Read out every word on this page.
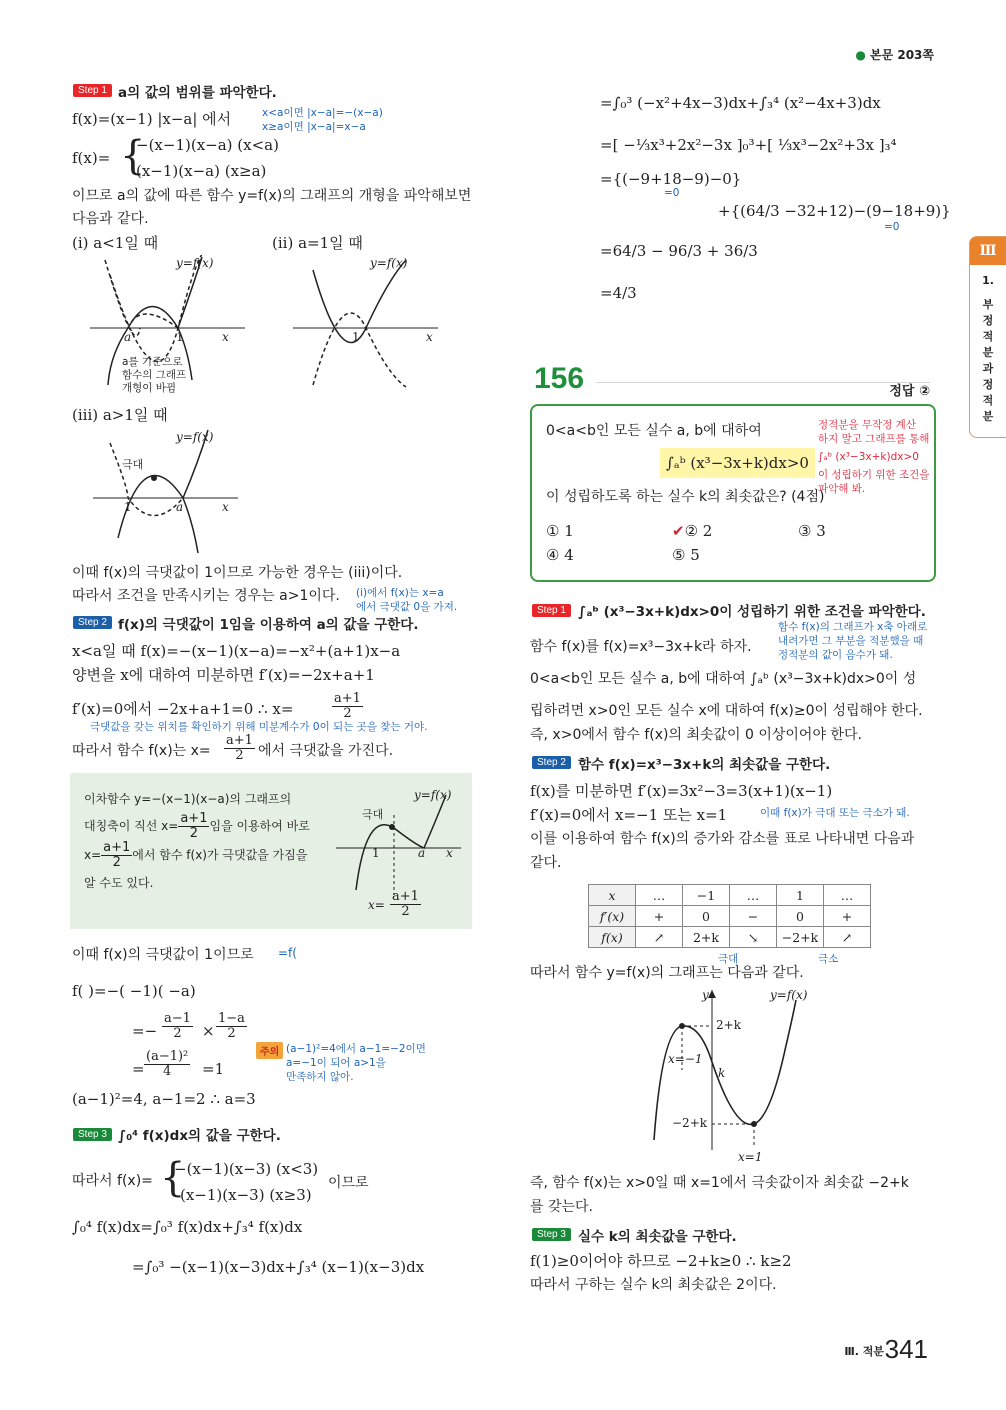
● 본문 203쪽
Ⅲ
1.
부정적분과 정적분
Step 1 a의 값의 범위를 파악한다.
f(x)=(x−1) |x−a| 에서	x<a이면 |x−a|=−(x−a)
x≥a이면 |x−a|=x−a
f(x)= {
−(x−1)(x−a) (x<a)
(x−1)(x−a) (x≥a)
이므로 a의 값에 따른 함수 y=f(x)의 그래프의 개형을 파악해보면
다음과 같다.
(i) a<1일 때	(ii) a=1일 때
y=f(x)
x
a	1
a를 기준으로
함수의 그래프
개형이 바뀜
y=f(x)
x
1
(iii) a>1일 때
y=f(x)
극대
x
1	a
이때 f(x)의 극댓값이 1이므로 가능한 경우는 (iii)이다.
따라서 조건을 만족시키는 경우는 a>1이다. (i)에서 f(x)는 x=a
에서 극댓값 0을 가져.
Step 2 f(x)의 극댓값이 1임을 이용하여 a의 값을 구한다.
x<a일 때 f(x)=−(x−1)(x−a)=−x²+(a+1)x−a
양변을 x에 대하여 미분하면 f′(x)=−2x+a+1
f′(x)=0에서 −2x+a+1=0 ∴ x=	$\frac{a+1}{2}$
극댓값을 갖는 위치를 확인하기 위해 미분계수가 0이 되는 곳을 찾는 거야.
따라서 함수 f(x)는 $x= \frac{a+1}{2}$ 에서 극댓값을 가진다.
이차함수 y=−(x−1)(x−a)의 그래프의
대칭축이 직선 $x= \frac{a+1}{2}$ 임을 이용하여 바로
$x= \frac{a+1}{2}$ 에서 함수 f(x)가 극댓값을 가짐을
알 수도 있다.
y=f(x)
극대
1	a x
$x= \frac{a+1}{2}$
이때 f(x)의 극댓값이 1이므로 =f(
f( )=−( −1)( −a)
=− $\frac{a-1}{2} \times \frac{1-a}{2}$
= $\frac{\text{(a−1)²}}{4} =1$
주의 (a−1)²=4에서 a−1=−2이면
a=−1이 되어 a>1을
만족하지 않아.
(a−1)²=4, a−1=2 ∴ a=3
Step 3 ∫₀⁴ f(x)dx의 값을 구한다.
따라서 f(x)= {
−(x−1)(x−3) (x<3)
(x−1)(x−3) (x≥3)
이므로
∫₀⁴ f(x)dx=∫₀³ f(x)dx+∫₃⁴ f(x)dx
=∫₀³ −(x−1)(x−3)dx+∫₃⁴ (x−1)(x−3)dx
=∫₀³ (−x²+4x−3)dx+∫₃⁴ (x²−4x+3)dx
=[ −⅓x³+2x²−3x ]₀³+[ ⅓x³−2x²+3x ]₃⁴
={(−9+18−9)−0}
=0
+{(64/3 −32+12)−(9−18+9)}
=0
=64/3 − 96/3 + 36/3
=4/3
156	정답 ②
0<a<b인 모든 실수 a, b에 대하여
∫ₐᵇ (x³−3x+k)dx>0
이 성립하도록 하는 실수 k의 최솟값은? (4점)
정적분을 무작정 계산
하지 말고 그래프를 통해
∫ₐᵇ (x³−3x+k)dx>0
이 성립하기 위한 조건을
파악해 봐.
① 1	✔② 2	③ 3
④ 4	⑤ 5
Step 1 ∫ₐᵇ (x³−3x+k)dx>0이 성립하기 위한 조건을 파악한다.
함수 f(x)의 그래프가 x축 아래로
내려가면 그 부분을 적분했을 때
정적분의 값이 음수가 돼.
함수 f(x)를 f(x)=x³−3x+k라 하자.
0<a<b인 모든 실수 a, b에 대하여 ∫ₐᵇ (x³−3x+k)dx>0이 성
립하려면 x>0인 모든 실수 x에 대하여 f(x)≥0이 성립해야 한다.
즉, x>0에서 함수 f(x)의 최솟값이 0 이상이어야 한다.
Step 2 함수 f(x)=x³−3x+k의 최솟값을 구한다.
f(x)를 미분하면 f′(x)=3x²−3=3(x+1)(x−1)
f′(x)=0에서 x=−1 또는 x=1	이때 f(x)가 극대 또는 극소가 돼.
이를 이용하여 함수 f(x)의 증가와 감소를 표로 나타내면 다음과
같다.
x	…	−1	…	1	…
f′(x)	+	0	−	0	+
f(x)	↗	2+k	↘	−2+k	↗
극대	극소
따라서 함수 y=f(x)의 그래프는 다음과 같다.
y	y=f(x)
2+k
x=−1
k
−2+k
x=1
즉, 함수 f(x)는 x>0일 때 x=1에서 극솟값이자 최솟값 −2+k
를 갖는다.
Step 3 실수 k의 최솟값을 구한다.
f(1)≥0이어야 하므로 −2+k≥0 ∴ k≥2
따라서 구하는 실수 k의 최솟값은 2이다.
Ⅲ. 적분 341
